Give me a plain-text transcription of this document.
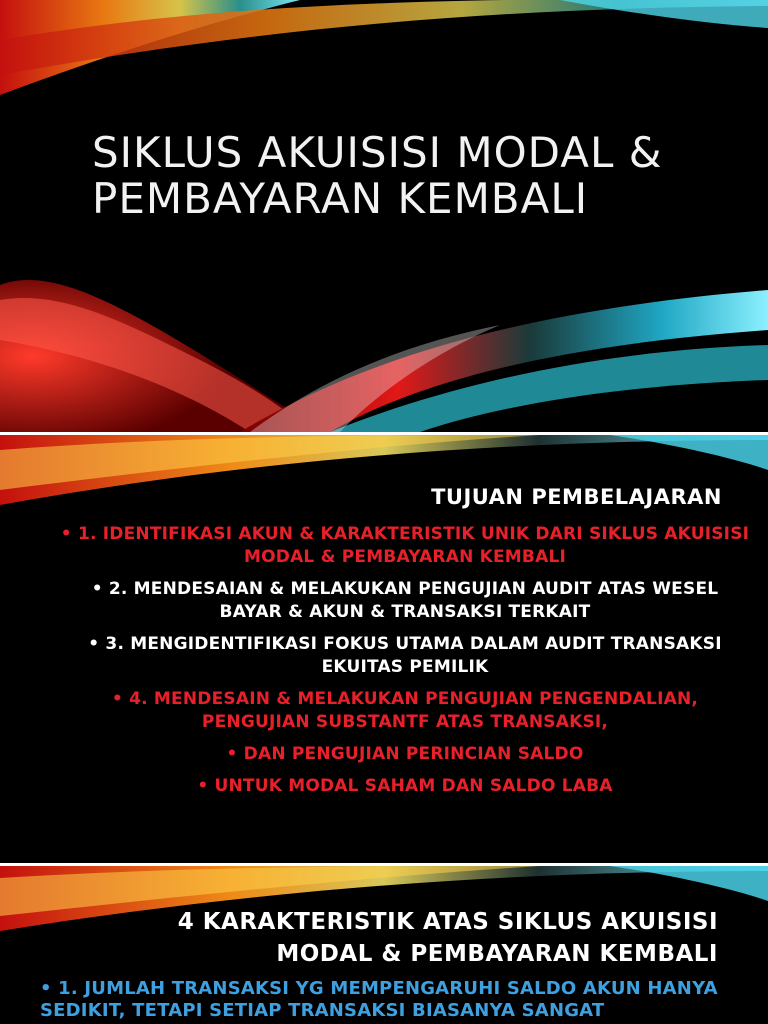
SIKLUS AKUISISI MODAL & PEMBAYARAN KEMBALI
TUJUAN PEMBELAJARAN
• 1. IDENTIFIKASI AKUN & KARAKTERISTIK UNIK DARI SIKLUS AKUISISI MODAL & PEMBAYARAN KEMBALI
• 2. MENDESAIAN & MELAKUKAN PENGUJIAN AUDIT ATAS WESEL BAYAR & AKUN & TRANSAKSI TERKAIT
• 3. MENGIDENTIFIKASI FOKUS UTAMA DALAM AUDIT TRANSAKSI EKUITAS PEMILIK
• 4. MENDESAIN & MELAKUKAN PENGUJIAN PENGENDALIAN, PENGUJIAN SUBSTANTF ATAS TRANSAKSI,
• DAN PENGUJIAN PERINCIAN SALDO
• UNTUK MODAL SAHAM DAN SALDO LABA
4 KARAKTERISTIK ATAS SIKLUS AKUISISI MODAL & PEMBAYARAN KEMBALI
• 1. JUMLAH TRANSAKSI YG MEMPENGARUHI SALDO AKUN HANYA SEDIKIT, TETAPI SETIAP TRANSAKSI BIASANYA SANGAT
